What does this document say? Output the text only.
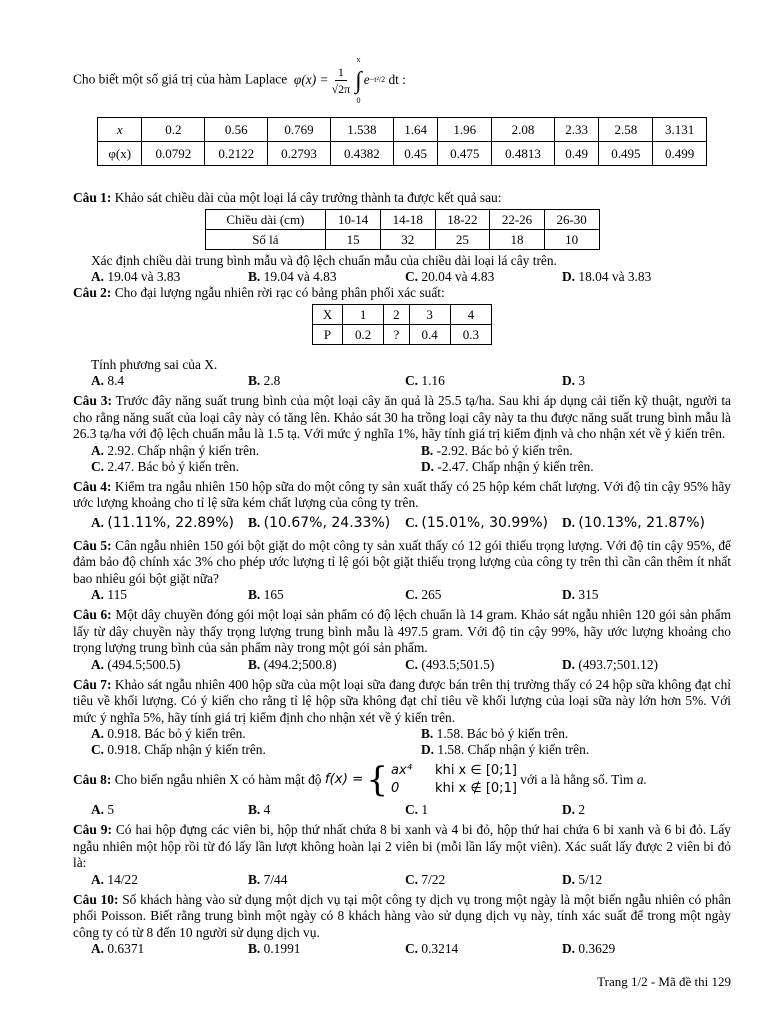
Cho biết một số giá trị của hàm Laplace $\varphi(x) = \frac{1}{√2\pi}$
x
∫
0
e −t²/2
dt :

x	0.2	0.56	0.769	1.538	1.64	1.96	2.08	2.33	2.58	3.131
φ(x)	0.0792	0.2122	0.2793	0.4382	0.45	0.475	0.4813	0.49	0.495	0.499

Câu 1: Khảo sát chiều dài của một loại lá cây trưởng thành ta được kết quả sau:

Chiều dài (cm)	10-14	14-18	18-22	22-26	26-30
Số lá	15	32	25	18	10

Xác định chiều dài trung bình mẫu và độ lệch chuẩn mẫu của chiều dài loại lá cây trên.

A. 19.04 và 3.83	B. 19.04 và 4.83	C. 20.04 và 4.83	D. 18.04 và 3.83

Câu 2: Cho đại lượng ngẫu nhiên rời rạc có bảng phân phối xác suất:

X	1	2	3	4
P	0.2	?	0.4	0.3

Tính phương sai của X.

A. 8.4	B. 2.8	C. 1.16	D. 3

Câu 3: Trước đây năng suất trung bình của một loại cây ăn quả là 25.5 tạ/ha. Sau khi áp dụng cải tiến kỹ thuật, người ta cho rằng năng suất của loại cây này có tăng lên. Khảo sát 30 ha trồng loại cây này ta thu được năng suất trung bình mẫu là 26.3 tạ/ha với độ lệch chuẩn mẫu là 1.5 tạ. Với mức ý nghĩa 1%, hãy tính giá trị kiểm định và cho nhận xét về ý kiến trên.

A. 2.92. Chấp nhận ý kiến trên.	B. -2.92. Bác bỏ ý kiến trên.
C. 2.47. Bác bỏ ý kiến trên.	D. -2.47. Chấp nhận ý kiến trên.

Câu 4: Kiểm tra ngẫu nhiên 150 hộp sữa do một công ty sản xuất thấy có 25 hộp kém chất lượng. Với độ tin cậy 95% hãy ước lượng khoảng cho tỉ lệ sữa kém chất lượng của công ty trên.

A. (11.11%, 22.89%)	B. (10.67%, 24.33%)	C. (15.01%, 30.99%)	D. (10.13%, 21.87%)

Câu 5: Cân ngẫu nhiên 150 gói bột giặt do một công ty sản xuất thấy có 12 gói thiếu trọng lượng. Với độ tin cậy 95%, để đảm bảo độ chính xác 3% cho phép ước lượng tỉ lệ gói bột giặt thiếu trọng lượng của công ty trên thì cần cân thêm ít nhất bao nhiêu gói bột giặt nữa?

A. 115	B. 165	C. 265	D. 315

Câu 6: Một dây chuyền đóng gói một loại sản phẩm có độ lệch chuẩn là 14 gram. Khảo sát ngẫu nhiên 120 gói sản phẩm lấy từ dây chuyền này thấy trọng lượng trung bình mẫu là 497.5 gram. Với độ tin cậy 99%, hãy ước lượng khoảng cho trọng lượng trung bình của sản phẩm này trong một gói sản phẩm.

A. (494.5;500.5)	B. (494.2;500.8)	C. (493.5;501.5)	D. (493.7;501.12)

Câu 7: Khảo sát ngẫu nhiên 400 hộp sữa của một loại sữa đang được bán trên thị trường thấy có 24 hộp sữa không đạt chỉ tiêu về khối lượng. Có ý kiến cho rằng tỉ lệ hộp sữa không đạt chỉ tiêu về khối lượng của loại sữa này lớn hơn 5%. Với mức ý nghĩa 5%, hãy tính giá trị kiểm định cho nhận xét về ý kiến trên.

A. 0.918. Bác bỏ ý kiến trên.	B. 1.58. Bác bỏ ý kiến trên.
C. 0.918. Chấp nhận ý kiến trên.	D. 1.58. Chấp nhận ý kiến trên.

Câu 8:
Cho biến ngẫu nhiên X có hàm mật độ
f(x) = { ax⁴ khi x ∈ [0;1]
0	khi x ∉ [0;1]

với a là hằng số. Tìm
a.

A. 5	B. 4	C. 1	D. 2

Câu 9: Có hai hộp đựng các viên bi, hộp thứ nhất chứa 8 bi xanh và 4 bi đỏ, hộp thứ hai chứa 6 bi xanh và 6 bi đỏ. Lấy ngẫu nhiên một hộp rồi từ đó lấy lần lượt không hoàn lại 2 viên bi (mỗi lần lấy một viên). Xác suất lấy được 2 viên bi đỏ là:

A. 14/22	B. 7/44	C. 7/22	D. 5/12

Câu 10: Số khách hàng vào sử dụng một dịch vụ tại một công ty dịch vụ trong một ngày là một biến ngẫu nhiên có phân phối Poisson. Biết rằng trung bình một ngày có 8 khách hàng vào sử dụng dịch vụ này, tính xác suất để trong một ngày công ty có từ 8 đến 10 người sử dụng dịch vụ.

A. 0.6371	B. 0.1991	C. 0.3214	D. 0.3629
Trang 1/2 - Mã đề thi 129
